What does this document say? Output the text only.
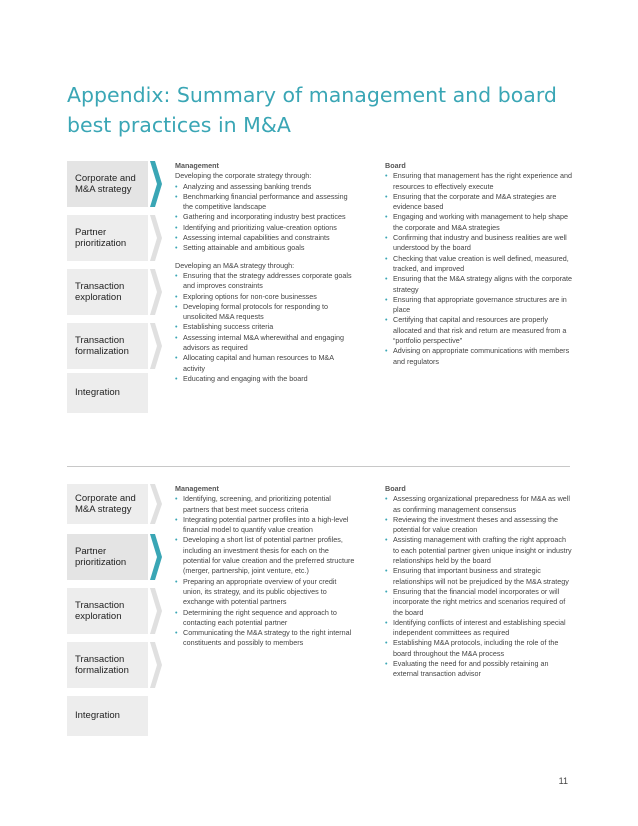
Appendix: Summary of management and board best practices in M&A
Corporate and
M&A strategy
Partner
prioritization
Transaction
exploration
Transaction
formalization
Integration
Management
Developing the corporate strategy through:
• Analyzing and assessing banking trends
• Benchmarking financial performance and assessing the competitive landscape
• Gathering and incorporating industry best practices
• Identifying and prioritizing value-creation options
• Assessing internal capabilities and constraints
• Setting attainable and ambitious goals
Developing an M&A strategy through:
• Ensuring that the strategy addresses corporate goals and improves constraints
• Exploring options for non-core businesses
• Developing formal protocols for responding to unsolicited M&A requests
• Establishing success criteria
• Assessing internal M&A wherewithal and engaging advisors as required
• Allocating capital and human resources to M&A activity
• Educating and engaging with the board
Board
• Ensuring that management has the right experience and resources to effectively execute
• Ensuring that the corporate and M&A strategies are evidence based
• Engaging and working with management to help shape the corporate and M&A strategies
• Confirming that industry and business realities are well understood by the board
• Checking that value creation is well defined, measured, tracked, and improved
• Ensuring that the M&A strategy aligns with the corporate strategy
• Ensuring that appropriate governance structures are in place
• Certifying that capital and resources are properly allocated and that risk and return are measured from a “portfolio perspective”
• Advising on appropriate communications with members and regulators
Corporate and
M&A strategy
Partner
prioritization
Transaction
exploration
Transaction
formalization
Integration
Management
• Identifying, screening, and prioritizing potential partners that best meet success criteria
• Integrating potential partner profiles into a high-level financial model to quantify value creation
• Developing a short list of potential partner profiles, including an investment thesis for each on the potential for value creation and the preferred structure (merger, partnership, joint venture, etc.)
• Preparing an appropriate overview of your credit union, its strategy, and its public objectives to exchange with potential partners
• Determining the right sequence and approach to contacting each potential partner
• Communicating the M&A strategy to the right internal constituents and possibly to members
Board
• Assessing organizational preparedness for M&A as well as confirming management consensus
• Reviewing the investment theses and assessing the potential for value creation
• Assisting management with crafting the right approach to each potential partner given unique insight or industry relationships held by the board
• Ensuring that important business and strategic relationships will not be prejudiced by the M&A strategy
• Ensuring that the financial model incorporates or will incorporate the right metrics and scenarios required of the board
• Identifying conflicts of interest and establishing special independent committees as required
• Establishing M&A protocols, including the role of the board throughout the M&A process
• Evaluating the need for and possibly retaining an external transaction advisor
11
